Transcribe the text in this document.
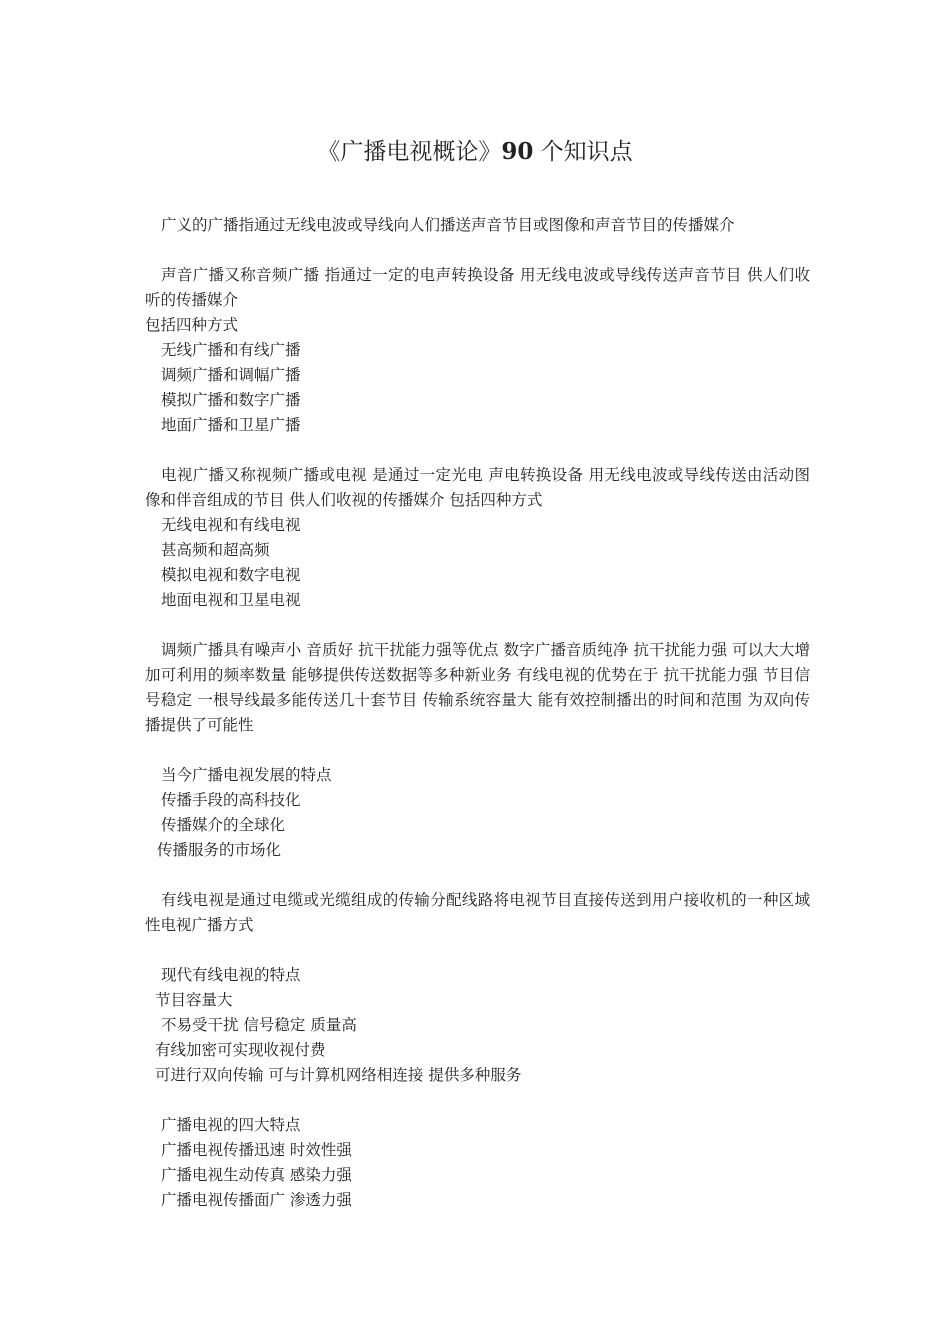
《广播电视概论》90 个知识点

广义的广播指通过无线电波或导线向人们播送声音节目或图像和声音节目的传播媒介

声音广播又称音频广播 指通过一定的电声转换设备 用无线电波或导线传送声音节目 供人们收听的传播媒介

包括四种方式

无线广播和有线广播

调频广播和调幅广播

模拟广播和数字广播

地面广播和卫星广播

电视广播又称视频广播或电视 是通过一定光电 声电转换设备 用无线电波或导线传送由活动图像和伴音组成的节目 供人们收视的传播媒介 包括四种方式

无线电视和有线电视

甚高频和超高频

模拟电视和数字电视

地面电视和卫星电视

调频广播具有噪声小 音质好 抗干扰能力强等优点 数字广播音质纯净 抗干扰能力强 可以大大增加可利用的频率数量 能够提供传送数据等多种新业务 有线电视的优势在于 抗干扰能力强 节目信号稳定 一根导线最多能传送几十套节目 传输系统容量大 能有效控制播出的时间和范围 为双向传播提供了可能性

当今广播电视发展的特点

传播手段的高科技化

传播媒介的全球化

传播服务的市场化

有线电视是通过电缆或光缆组成的传输分配线路将电视节目直接传送到用户接收机的一种区域性电视广播方式

现代有线电视的特点

节目容量大

不易受干扰 信号稳定 质量高

有线加密可实现收视付费

可进行双向传输 可与计算机网络相连接 提供多种服务

广播电视的四大特点

广播电视传播迅速 时效性强

广播电视生动传真 感染力强

广播电视传播面广 渗透力强
